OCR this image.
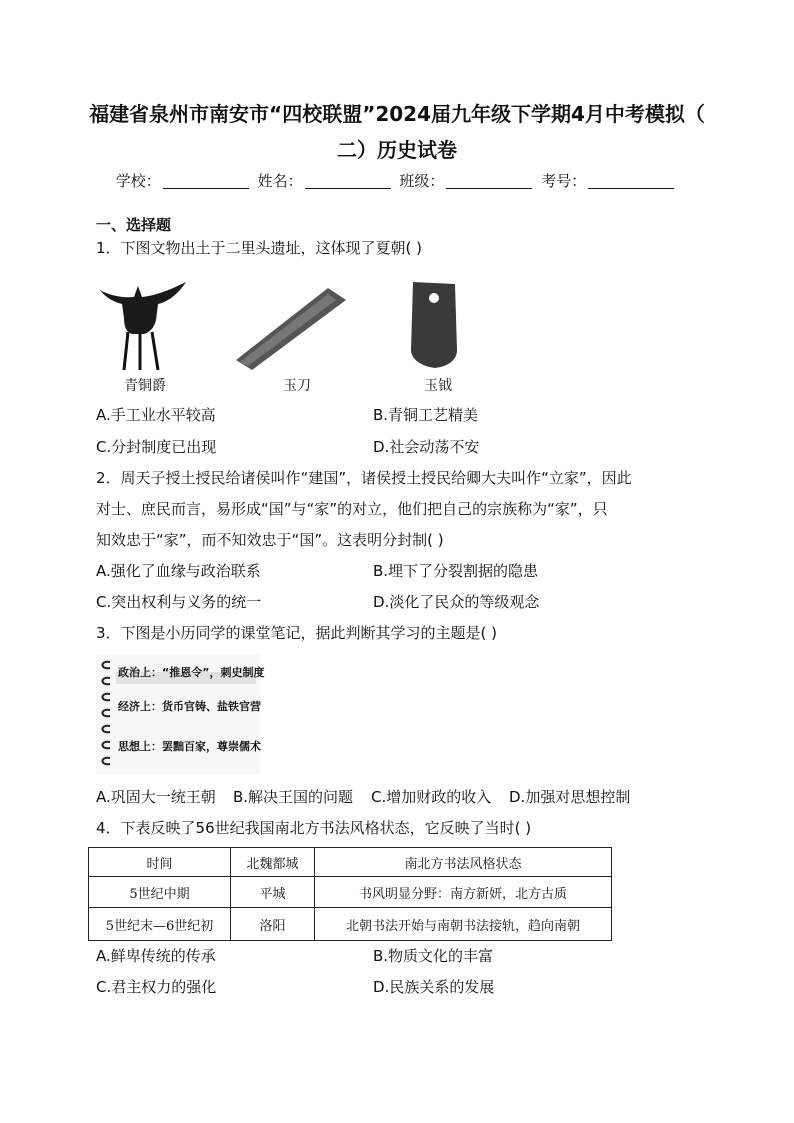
福建省泉州市南安市“四校联盟”2024届九年级下学期4月中考模拟（
二）历史试卷
学校：	姓名：	班级：	考号：
一、选择题
1．下图文物出土于二里头遗址，这体现了夏朝( )
青铜爵	玉刀	玉钺
A.手工业水平较高	B.青铜工艺精美
C.分封制度已出现	D.社会动荡不安
2．周天子授土授民给诸侯叫作“建国”，诸侯授土授民给卿大夫叫作“立家”，因此
对士、庶民而言，易形成“国”与“家”的对立，他们把自己的宗族称为“家”，只
知效忠于“家”，而不知效忠于“国”。这表明分封制( )
A.强化了血缘与政治联系	B.埋下了分裂割据的隐患
C.突出权利与义务的统一	D.淡化了民众的等级观念
3．下图是小历同学的课堂笔记，据此判断其学习的主题是( )
政治上：“推恩令”，刺史制度
经济上：货币官铸、盐铁官营
思想上：罢黜百家，尊崇儒术
A.巩固大一统王朝 B.解决王国的问题 C.增加财政的收入 D.加强对思想控制
4．下表反映了56世纪我国南北方书法风格状态，它反映了当时( )
时间	北魏都城	南北方书法风格状态
5世纪中期	平城	书风明显分野：南方新妍，北方古质
5世纪末—6世纪初	洛阳	北朝书法开始与南朝书法接轨，趋向南朝
A.鲜卑传统的传承	B.物质文化的丰富
C.君主权力的强化	D.民族关系的发展
